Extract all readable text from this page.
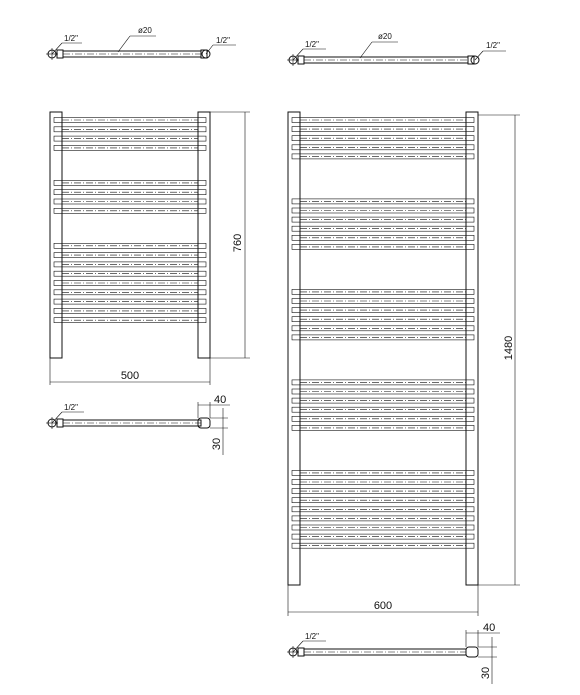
1/2"
ø20
1/2"	1/2"
ø20
1/2"
760
500
1480
600
1/2"
40
30
1/2"
40
30
